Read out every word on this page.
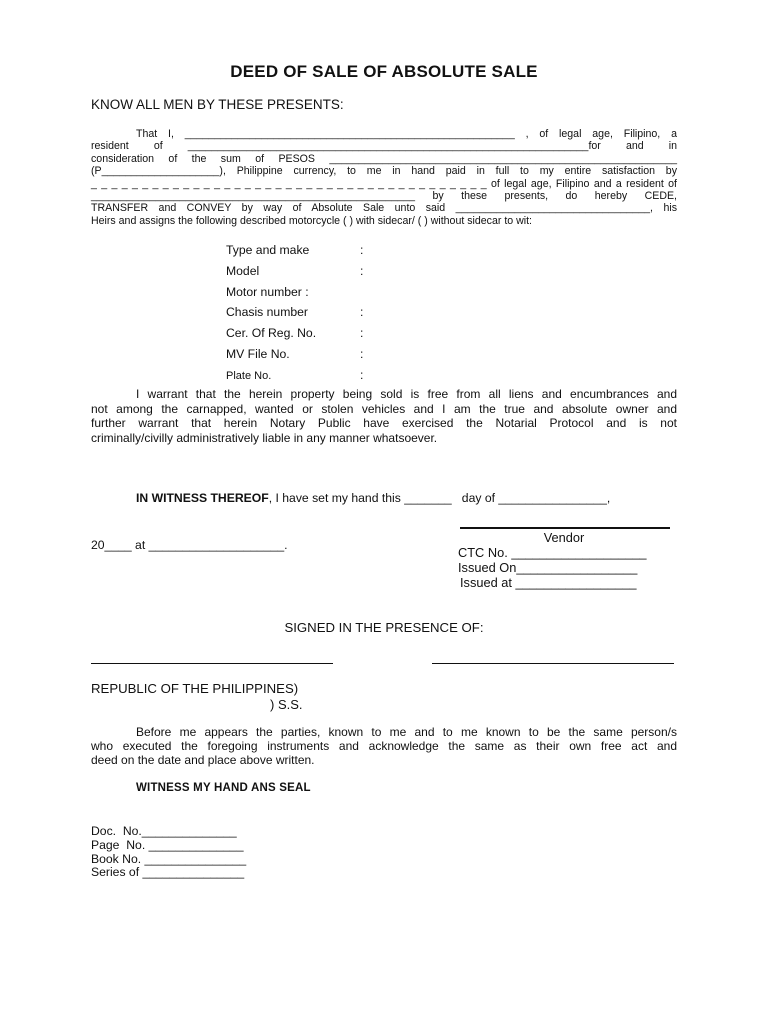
DEED OF SALE OF ABSOLUTE SALE
KNOW ALL MEN BY THESE PRESENTS:
That I, ________________________________________________________ , of legal age, Filipino, a
resident of ____________________________________________________________________for and in
consideration of the sum of PESOS ___________________________________________________________
(P____________________), Philippine currency, to me in hand paid in full to my entire satisfaction by
_ _ _ _ _ _ _ _ _ _ _ _ _ _ _ _ _ _ _ _ _ _ _ _ _ _ _ _ _ _ _ _ _ _ _ _ _ _ _ of legal age, Filipino and a resident of
_______________________________________________________ by these presents, do hereby CEDE,
TRANSFER and CONVEY by way of Absolute Sale unto said _________________________________, his
Heirs and assigns the following described motorcycle ( ) with sidecar/ ( ) without sidecar to wit:
Type and make	:
Model	:
Motor number :
Chasis number	:
Cer. Of Reg. No.	:
MV File No.	:
Plate No.	:
I warrant that the herein property being sold is free from all liens and encumbrances and
not among the carnapped, wanted or stolen vehicles and I am the true and absolute owner and
further warrant that herein Notary Public have exercised the Notarial Protocol and is not
criminally/civilly administratively liable in any manner whatsoever.

IN WITNESS THEREOF, I have set my hand this _______   day of ________________,

20____ at ____________________.

	Vendor
CTC No. ___________________
Issued On_________________
Issued at _________________
SIGNED IN THE PRESENCE OF:
REPUBLIC OF THE PHILIPPINES)
) S.S.
Before me appears the parties, known to me and to me known to be the same person/s
who executed the foregoing instruments and acknowledge the same as their own free act and
deed on the date and place above written.
WITNESS MY HAND ANS SEAL
Doc.  No.______________
Page  No. ______________
Book No. _______________
Series of _______________
